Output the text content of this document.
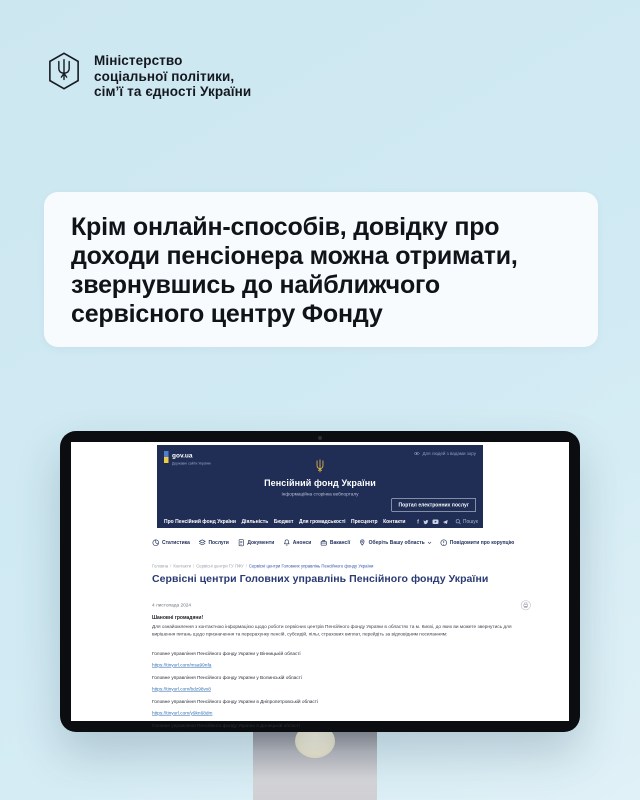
Міністерство
соціальної політики,
сім’ї та єдності України
Крім онлайн-способів, довідку про
доходи пенсіонера можна отримати,
звернувшись до найближчого
сервісного центру Фонду
gov.ua
Державні сайти України
Для людей з вадами зору
Пенсійний фонд України
Інформаційна сторінка вебпорталу
Портал електронних послуг
Про Пенсійний фонд України Діяльність Бюджет Для громадськості Пресцентр Контакти f	Пошук
Статистика Послуги Документи Анонси Вакансії Оберіть Вашу область	Повідомити про корупцію
Головна / Контакти / Сервісні центри ГУ ПФУ / Сервісні центри Головних управлінь Пенсійного фонду України
Сервісні центри Головних управлінь Пенсійного фонду України
4 листопада 2024

Шановні громадяни!

Для ознайомлення з контактною інформацією щодо роботи сервісних центрів Пенсійного фонду України в областях та м. Києві, до яких ви можете звернутись для вирішення питань щодо призначення та перерахунку пенсій, субсидій, пільг, страхових виплат, перейдіть за відповідним посиланням:

Головне управління Пенсійного фонду України у Вінницькій області
https://tinyurl.com/msa99nfa
Головне управління Пенсійного фонду України у Волинській області
https://tinyurl.com/bdz98vx8
Головне управління Пенсійного фонду України в Дніпропетровській області
https://tinyurl.com/y9kn68dm
Головне управління Пенсійного фонду України в Донецькій області
